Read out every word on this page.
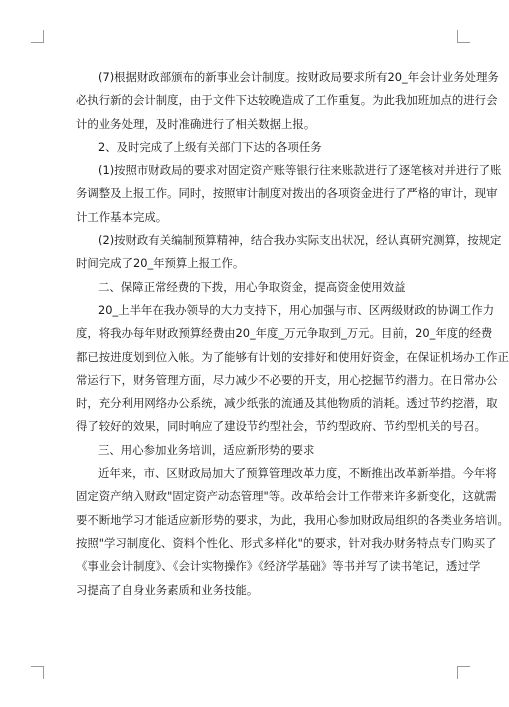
(7)根据财政部颁布的新事业会计制度。按财政局要求所有20_年会计业务处理务
必执行新的会计制度，由于文件下达较晚造成了工作重复。为此我加班加点的进行会
计的业务处理，及时准确进行了相关数据上报。
2、及时完成了上级有关部门下达的各项任务
(1)按照市财政局的要求对固定资产账等银行往来账款进行了逐笔核对并进行了账
务调整及上报工作。同时，按照审计制度对拨出的各项资金进行了严格的审计，现审
计工作基本完成。
(2)按财政有关编制预算精神，结合我办实际支出状况，经认真研究测算，按规定
时间完成了20_年预算上报工作。
二、保障正常经费的下拨，用心争取资金，提高资金使用效益
20_上半年在我办领导的大力支持下，用心加强与市、区两级财政的协调工作力
度，将我办每年财政预算经费由20_年度_万元争取到_万元。目前，20_年度的经费
都已按进度划到位入帐。为了能够有计划的安排好和使用好资金，在保证机场办工作正
常运行下，财务管理方面，尽力减少不必要的开支，用心挖掘节约潜力。在日常办公
时，充分利用网络办公系统，减少纸张的流通及其他物质的消耗。透过节约挖潜，取
得了较好的效果，同时响应了建设节约型社会，节约型政府、节约型机关的号召。
三、用心参加业务培训，适应新形势的要求
近年来，市、区财政局加大了预算管理改革力度，不断推出改革新举措。今年将
固定资产纳入财政"固定资产动态管理"等。改革给会计工作带来许多新变化，这就需
要不断地学习才能适应新形势的要求，为此，我用心参加财政局组织的各类业务培训。
按照"学习制度化、资料个性化、形式多样化"的要求，针对我办财务特点专门购买了
《事业会计制度》、《会计实物操作》《经济学基础》等书并写了读书笔记，透过学
习提高了自身业务素质和业务技能。
